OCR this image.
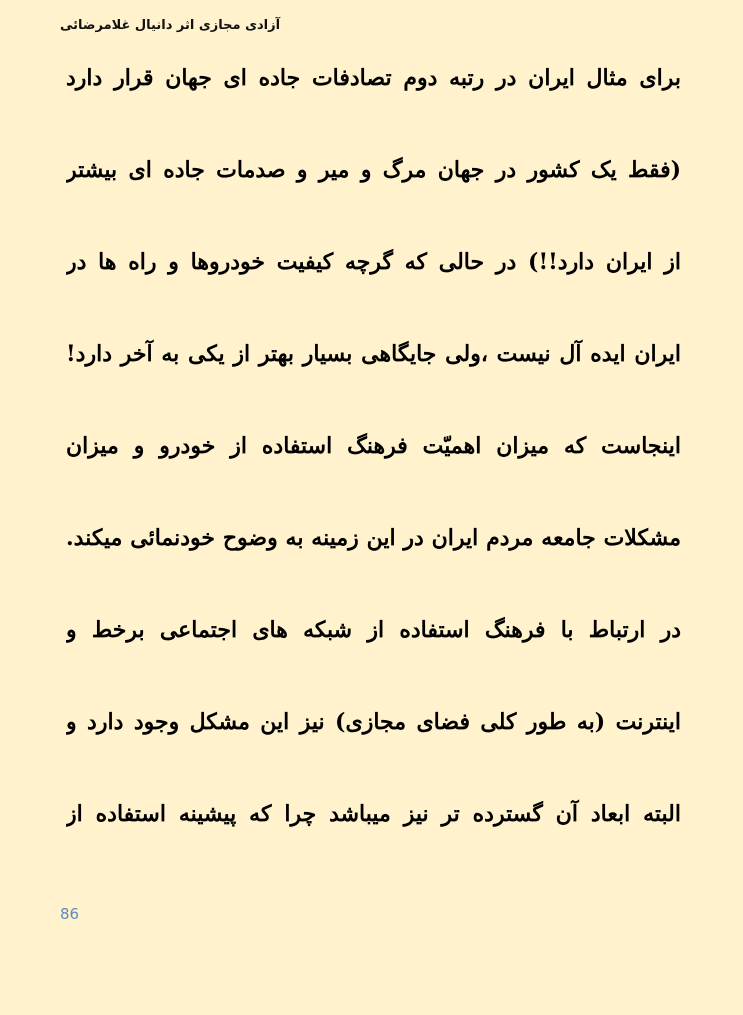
آزادی مجازی اثر دانیال غلامرضائی
برای مثال ایران در رتبه دوم تصادفات جاده ای جهان قرار دارد
(فقط یک کشور در جهان مرگ و میر و صدمات جاده ای بیشتر
از ایران دارد!!) در حالی که گرچه کیفیت خودروها و راه ها در
ایران ایده آل نیست ،ولی جایگاهی بسیار بهتر از یکی به آخر دارد!
اینجاست که میزان اهمیّت فرهنگ استفاده از خودرو و میزان
مشکلات جامعه مردم ایران در این زمینه به وضوح خودنمائی میکند.
در ارتباط با فرهنگ استفاده از شبکه های اجتماعی برخط و
اینترنت (به طور کلی فضای مجازی) نیز این مشکل وجود دارد و
البته ابعاد آن گسترده تر نیز میباشد چرا که پیشینه استفاده از
86
